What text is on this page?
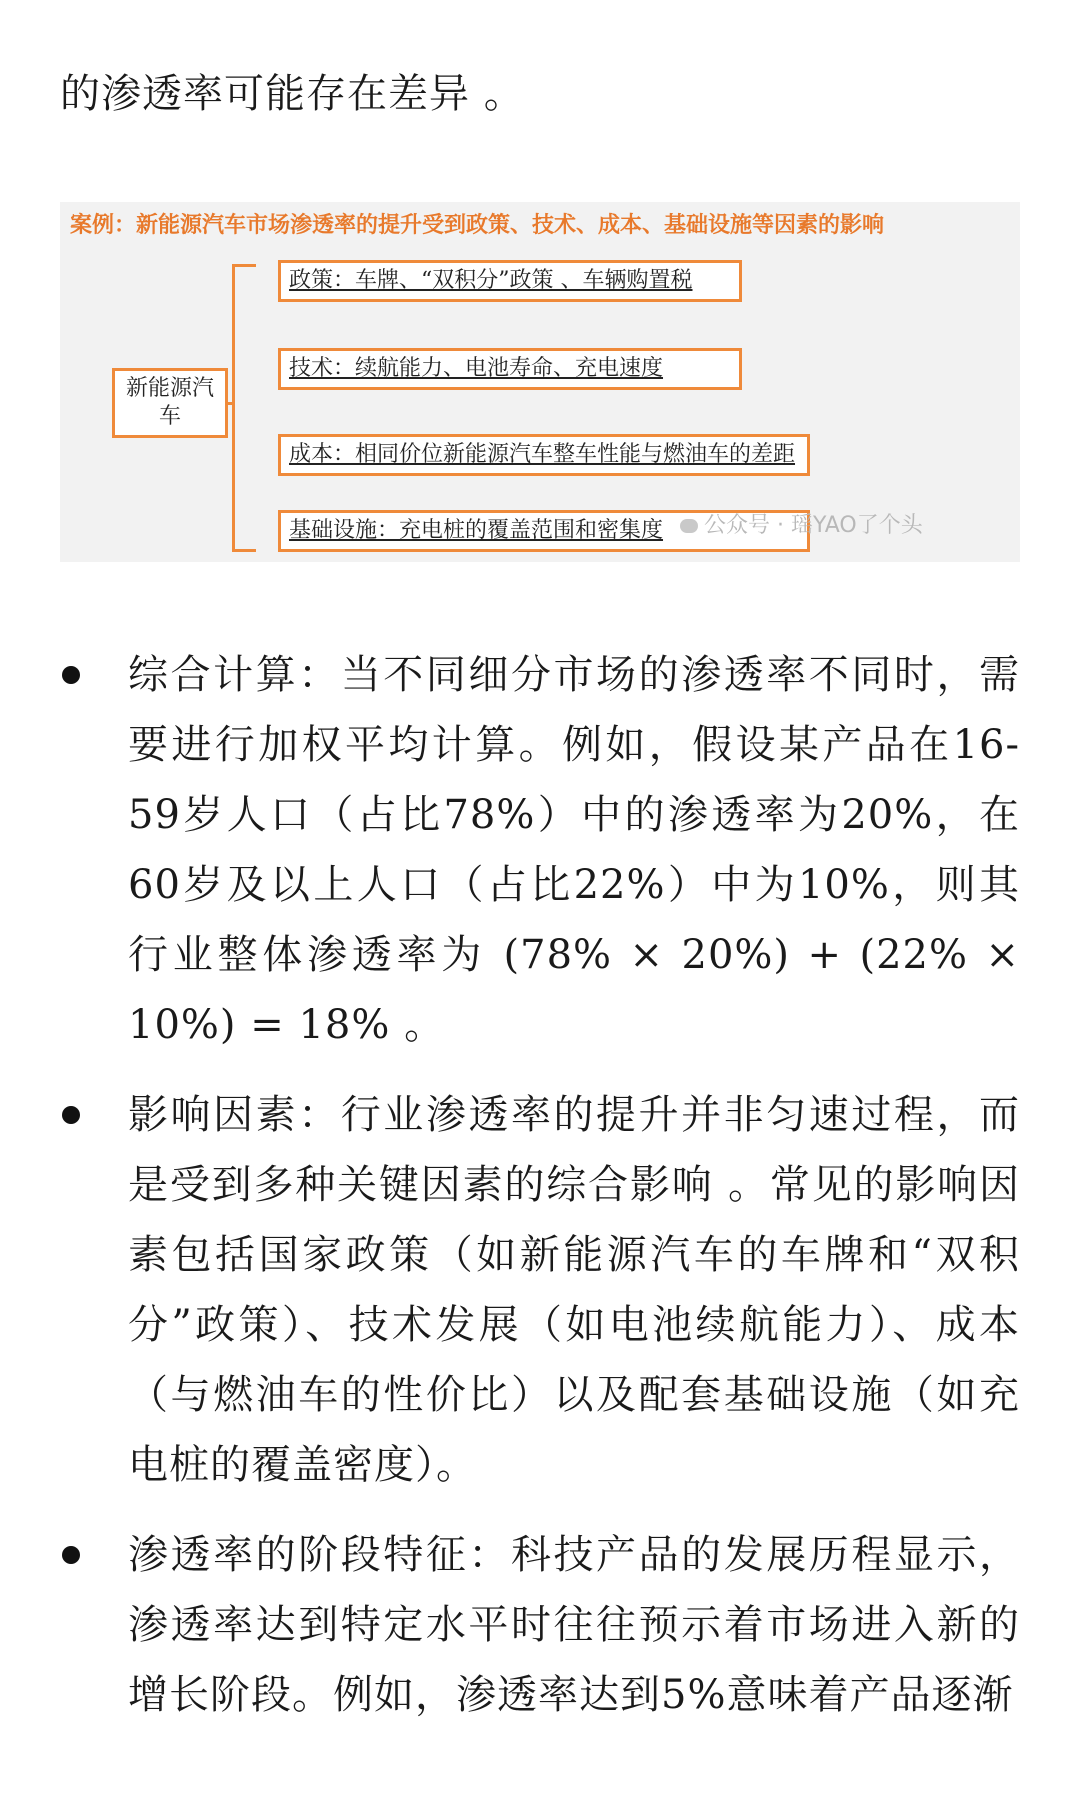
的渗透率可能存在差异 。
案例：新能源汽车市场渗透率的提升受到政策、技术、成本、基础设施等因素的影响
新能源汽车
政策：车牌、“双积分”政策 、车辆购置税
技术：续航能力、电池寿命、充电速度
成本：相同价位新能源汽车整车性能与燃油车的差距
基础设施：充电桩的覆盖范围和密集度	公众号 · 瑶YAO了个头
综合计算：当不同细分市场的渗透率不同时，需要进行加权平均计算。例如，假设某产品在16-59岁人口（占比78%）中的渗透率为20%，在60岁及以上人口（占比22%）中为10%，则其行业整体渗透率为 (78% × 20%) + (22% × 10%) = 18% 。
影响因素：行业渗透率的提升并非匀速过程，而是受到多种关键因素的综合影响 。常见的影响因素包括国家政策（如新能源汽车的车牌和“双积分”政策）、技术发展（如电池续航能力）、成本（与燃油车的性价比）以及配套基础设施（如充电桩的覆盖密度）。
渗透率的阶段特征：科技产品的发展历程显示，渗透率达到特定水平时往往预示着市场进入新的增长阶段。例如，渗透率达到5%意味着产品逐渐
